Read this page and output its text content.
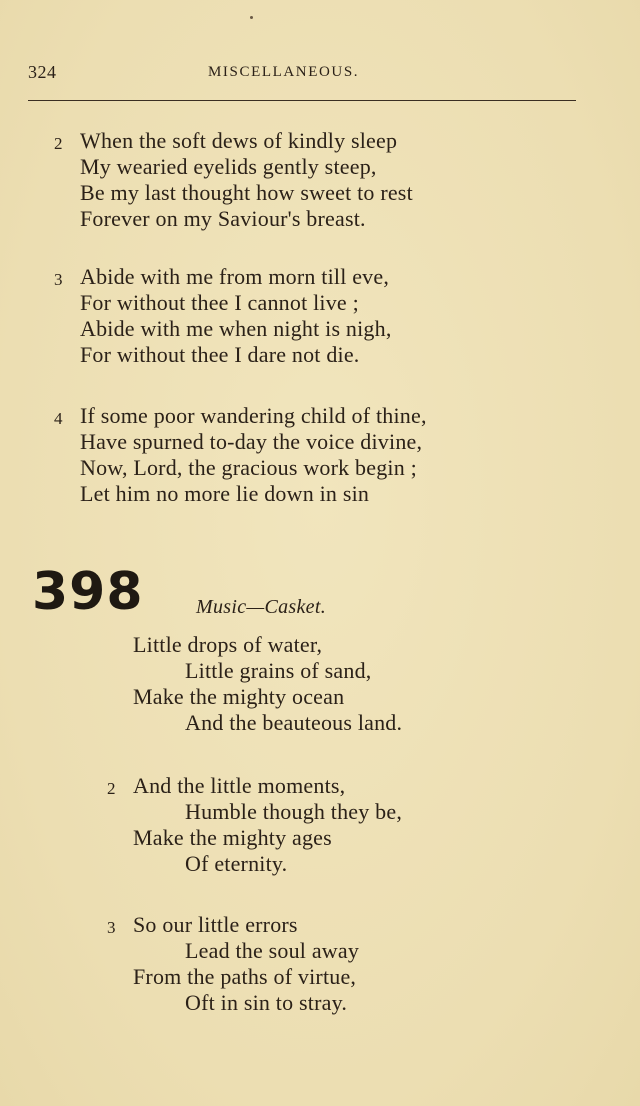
324	MISCELLANEOUS.
2 When the soft dews of kindly sleep
My wearied eyelids gently steep,
Be my last thought how sweet to rest
Forever on my Saviour's breast.
3 Abide with me from morn till eve,
For without thee I cannot live ;
Abide with me when night is nigh,
For without thee I dare not die.
4 If some poor wandering child of thine,
Have spurned to-day the voice divine,
Now, Lord, the gracious work begin ;
Let him no more lie down in sin
398	Music—Casket.
Little drops of water,
Little grains of sand,
Make the mighty ocean
And the beauteous land.
2 And the little moments,
Humble though they be,
Make the mighty ages
Of eternity.
3 So our little errors
Lead the soul away
From the paths of virtue,
Oft in sin to stray.
